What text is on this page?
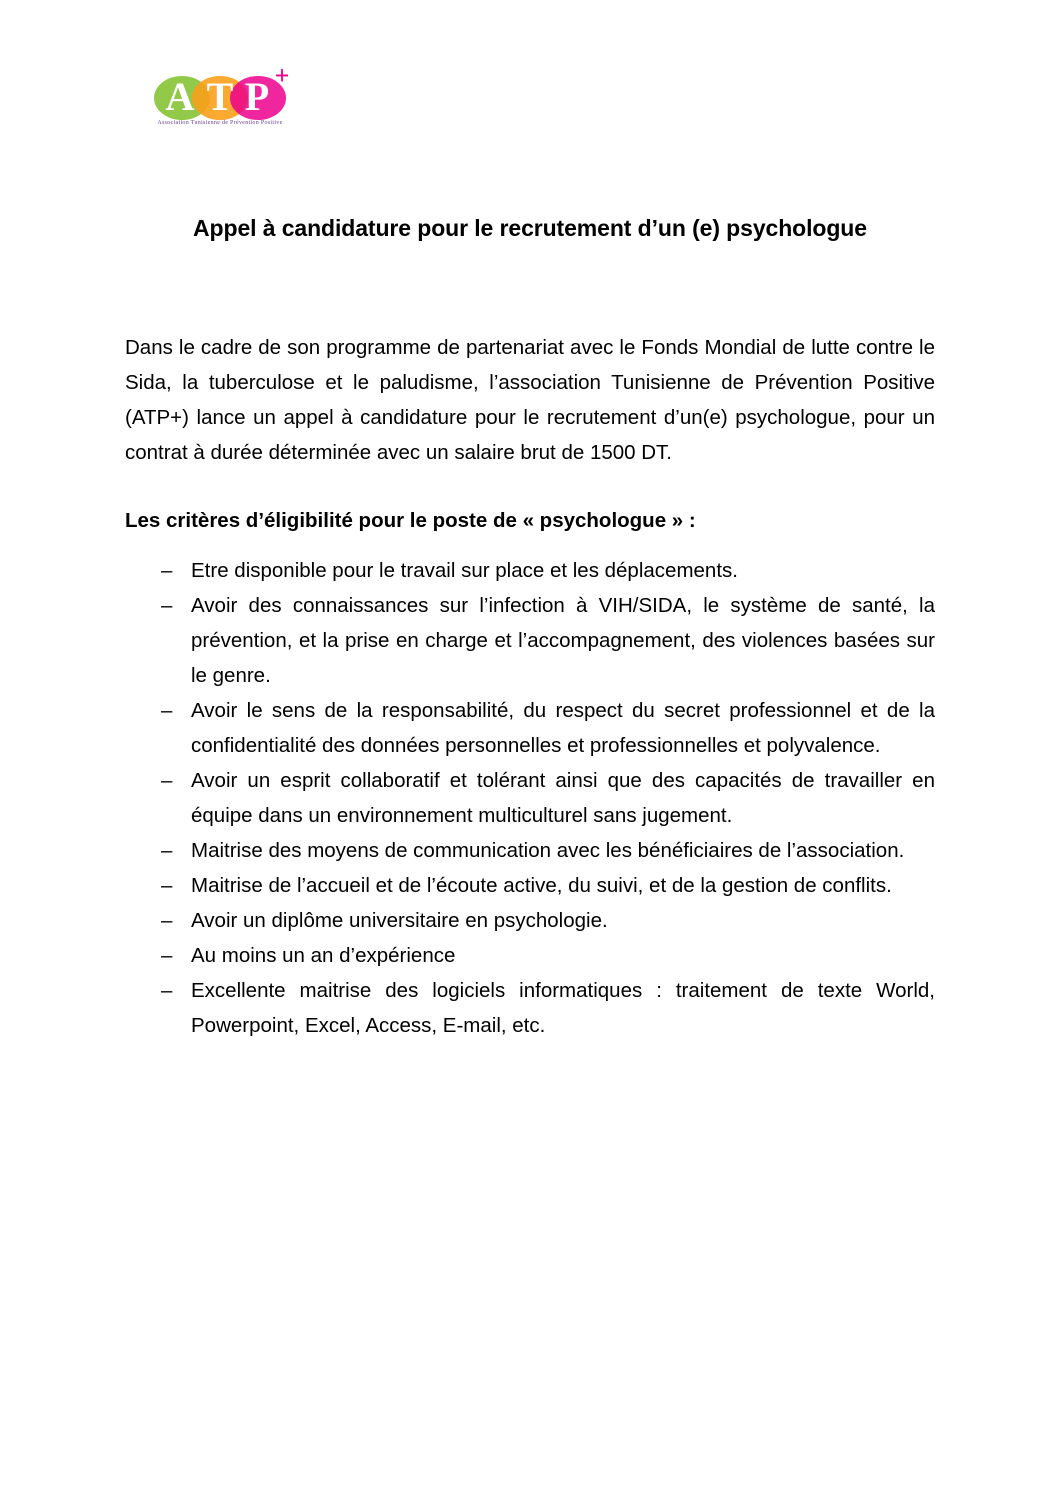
A T P +
Association Tunisienne de Prévention Positive
Appel à candidature pour le recrutement d’un (e) psychologue

Dans le cadre de son programme de partenariat avec le Fonds Mondial de lutte contre le Sida, la tuberculose et le paludisme, l’association Tunisienne de Prévention Positive (ATP+) lance un appel à candidature pour le recrutement d’un(e) psychologue, pour un contrat à durée déterminée avec un salaire brut de 1500 DT.

Les critères d’éligibilité pour le poste de « psychologue » :

– Etre disponible pour le travail sur place et les déplacements.
– Avoir des connaissances sur l’infection à VIH/SIDA, le système de santé, la prévention, et la prise en charge et l’accompagnement, des violences basées sur le genre.
– Avoir le sens de la responsabilité, du respect du secret professionnel et de la confidentialité des données personnelles et professionnelles et polyvalence.
– Avoir un esprit collaboratif et tolérant ainsi que des capacités de travailler en équipe dans un environnement multiculturel sans jugement.
– Maitrise des moyens de communication avec les bénéficiaires de l’association.
– Maitrise de l’accueil et de l’écoute active, du suivi, et de la gestion de conflits.
– Avoir un diplôme universitaire en psychologie.
– Au moins un an d’expérience
– Excellente maitrise des logiciels informatiques : traitement de texte World, Powerpoint, Excel, Access, E-mail, etc.
